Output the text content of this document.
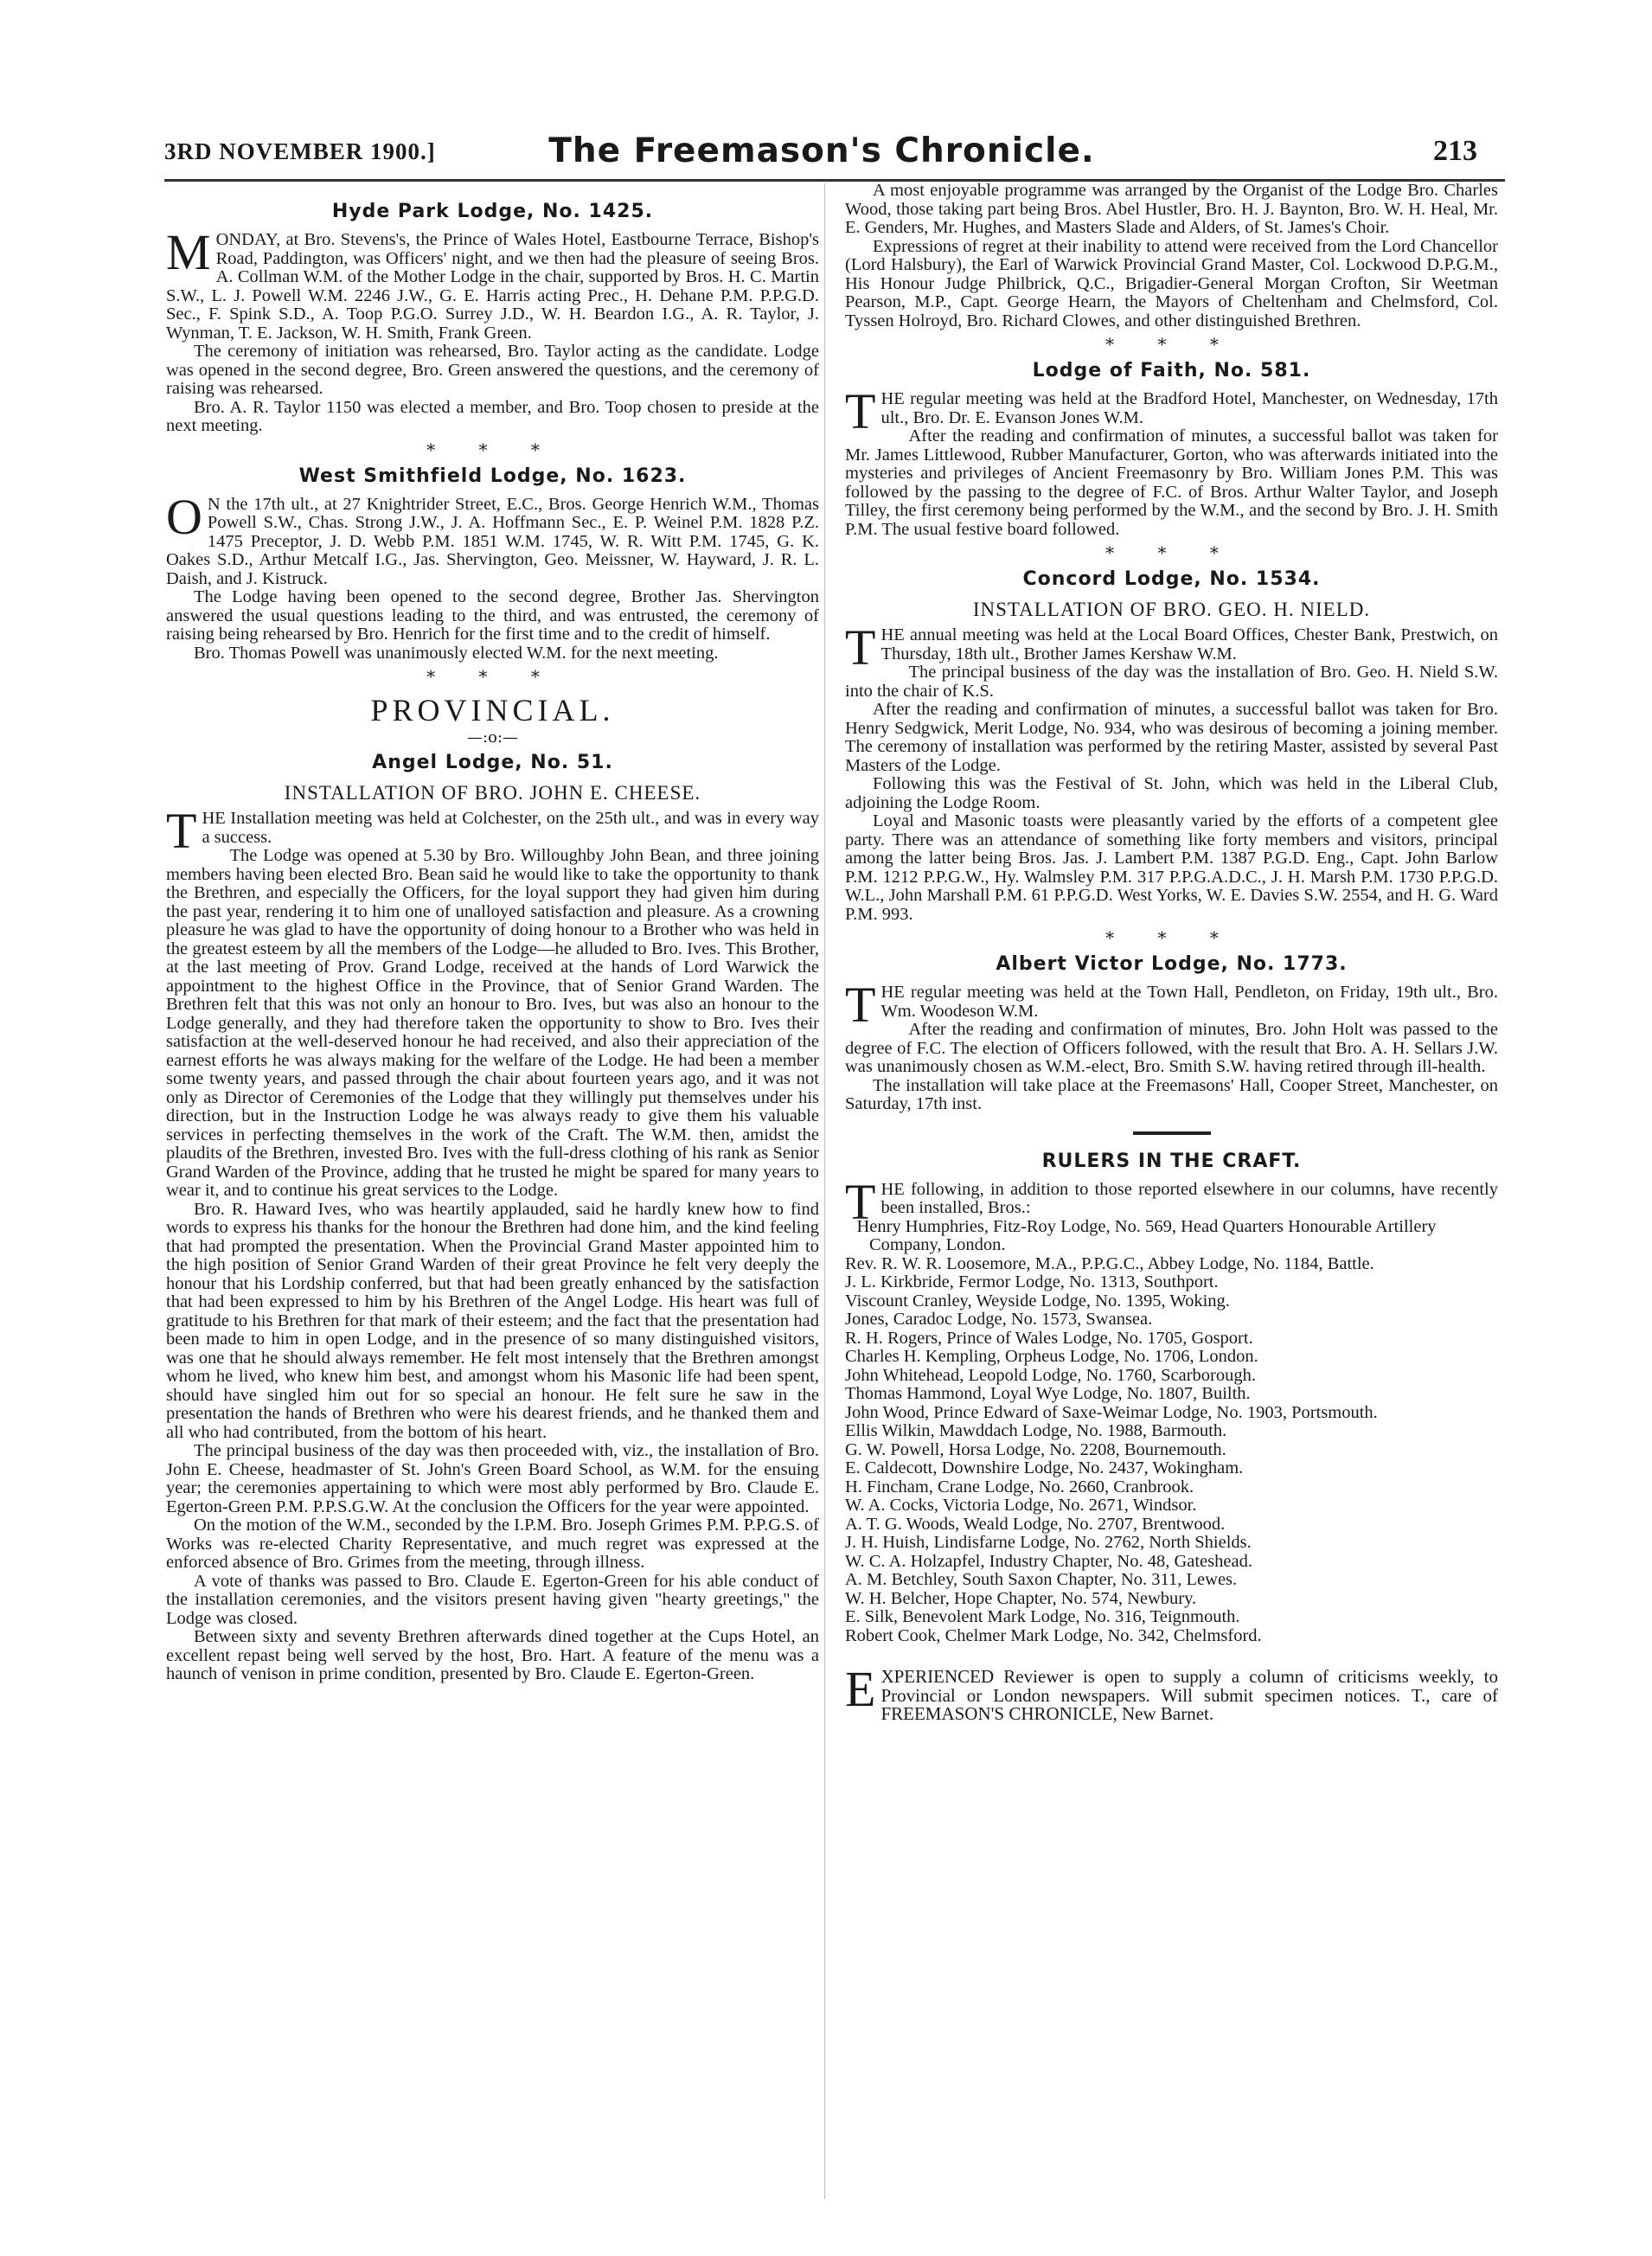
3RD NOVEMBER 1900.]	The Freemason's Chronicle.	213
Hyde Park Lodge, No. 1425.

MONDAY, at Bro. Stevens's, the Prince of Wales Hotel, Eastbourne Terrace, Bishop's Road, Paddington, was Officers' night, and we then had the pleasure of seeing Bros. A. Collman W.M. of the Mother Lodge in the chair, supported by Bros. H. C. Martin S.W., L. J. Powell W.M. 2246 J.W., G. E. Harris acting Prec., H. Dehane P.M. P.P.G.D. Sec., F. Spink S.D., A. Toop P.G.O. Surrey J.D., W. H. Beardon I.G., A. R. Taylor, J. Wynman, T. E. Jackson, W. H. Smith, Frank Green.

The ceremony of initiation was rehearsed, Bro. Taylor acting as the candidate. Lodge was opened in the second degree, Bro. Green answered the questions, and the ceremony of raising was rehearsed.

Bro. A. R. Taylor 1150 was elected a member, and Bro. Toop chosen to preside at the next meeting.

* * *
West Smithfield Lodge, No. 1623.

O N the 17th ult., at 27 Knightrider Street, E.C., Bros. George Henrich W.M., Thomas Powell S.W., Chas. Strong J.W., J. A. Hoffmann Sec., E. P. Weinel P.M. 1828 P.Z. 1475 Preceptor, J. D. Webb P.M. 1851 W.M. 1745, W. R. Witt P.M. 1745, G. K. Oakes S.D., Arthur Metcalf I.G., Jas. Shervington, Geo. Meissner, W. Hayward, J. R. L. Daish, and J. Kistruck.

The Lodge having been opened to the second degree, Brother Jas. Shervington answered the usual questions leading to the third, and was entrusted, the ceremony of raising being rehearsed by Bro. Henrich for the first time and to the credit of himself.

Bro. Thomas Powell was unanimously elected W.M. for the next meeting.

* * *
PROVINCIAL.
—:o:—
Angel Lodge, No. 51.
INSTALLATION OF BRO. JOHN E. CHEESE.

THE Installation meeting was held at Colchester, on the 25th ult., and was in every way a success.

The Lodge was opened at 5.30 by Bro. Willoughby John Bean, and three joining members having been elected Bro. Bean said he would like to take the opportunity to thank the Brethren, and especially the Officers, for the loyal support they had given him during the past year, rendering it to him one of unalloyed satisfaction and pleasure. As a crowning pleasure he was glad to have the opportunity of doing honour to a Brother who was held in the greatest esteem by all the members of the Lodge—he alluded to Bro. Ives. This Brother, at the last meeting of Prov. Grand Lodge, received at the hands of Lord Warwick the appointment to the highest Office in the Province, that of Senior Grand Warden. The Brethren felt that this was not only an honour to Bro. Ives, but was also an honour to the Lodge generally, and they had therefore taken the opportunity to show to Bro. Ives their satisfaction at the well-deserved honour he had received, and also their appreciation of the earnest efforts he was always making for the welfare of the Lodge. He had been a member some twenty years, and passed through the chair about fourteen years ago, and it was not only as Director of Ceremonies of the Lodge that they willingly put themselves under his direction, but in the Instruction Lodge he was always ready to give them his valuable services in perfecting themselves in the work of the Craft. The W.M. then, amidst the plaudits of the Brethren, invested Bro. Ives with the full-dress clothing of his rank as Senior Grand Warden of the Province, adding that he trusted he might be spared for many years to wear it, and to continue his great services to the Lodge.

Bro. R. Haward Ives, who was heartily applauded, said he hardly knew how to find words to express his thanks for the honour the Brethren had done him, and the kind feeling that had prompted the presentation. When the Provincial Grand Master appointed him to the high position of Senior Grand Warden of their great Province he felt very deeply the honour that his Lordship conferred, but that had been greatly enhanced by the satisfaction that had been expressed to him by his Brethren of the Angel Lodge. His heart was full of gratitude to his Brethren for that mark of their esteem; and the fact that the presentation had been made to him in open Lodge, and in the presence of so many distinguished visitors, was one that he should always remember. He felt most intensely that the Brethren amongst whom he lived, who knew him best, and amongst whom his Masonic life had been spent, should have singled him out for so special an honour. He felt sure he saw in the presentation the hands of Brethren who were his dearest friends, and he thanked them and all who had contributed, from the bottom of his heart.

The principal business of the day was then proceeded with, viz., the installation of Bro. John E. Cheese, headmaster of St. John's Green Board School, as W.M. for the ensuing year; the ceremonies appertaining to which were most ably performed by Bro. Claude E. Egerton-Green P.M. P.P.S.G.W. At the conclusion the Officers for the year were appointed.

On the motion of the W.M., seconded by the I.P.M. Bro. Joseph Grimes P.M. P.P.G.S. of Works was re-elected Charity Representative, and much regret was expressed at the enforced absence of Bro. Grimes from the meeting, through illness.

A vote of thanks was passed to Bro. Claude E. Egerton-Green for his able conduct of the installation ceremonies, and the visitors present having given "hearty greetings," the Lodge was closed.

Between sixty and seventy Brethren afterwards dined together at the Cups Hotel, an excellent repast being well served by the host, Bro. Hart. A feature of the menu was a haunch of venison in prime condition, presented by Bro. Claude E. Egerton-Green.

A most enjoyable programme was arranged by the Organist of the Lodge Bro. Charles Wood, those taking part being Bros. Abel Hustler, Bro. H. J. Baynton, Bro. W. H. Heal, Mr. E. Genders, Mr. Hughes, and Masters Slade and Alders, of St. James's Choir.

Expressions of regret at their inability to attend were received from the Lord Chancellor (Lord Halsbury), the Earl of Warwick Provincial Grand Master, Col. Lockwood D.P.G.M., His Honour Judge Philbrick, Q.C., Brigadier-General Morgan Crofton, Sir Weetman Pearson, M.P., Capt. George Hearn, the Mayors of Cheltenham and Chelmsford, Col. Tyssen Holroyd, Bro. Richard Clowes, and other distinguished Brethren.

* * *
Lodge of Faith, No. 581.

THE regular meeting was held at the Bradford Hotel, Manchester, on Wednesday, 17th ult., Bro. Dr. E. Evanson Jones W.M.

After the reading and confirmation of minutes, a successful ballot was taken for Mr. James Littlewood, Rubber Manufacturer, Gorton, who was afterwards initiated into the mysteries and privileges of Ancient Freemasonry by Bro. William Jones P.M. This was followed by the passing to the degree of F.C. of Bros. Arthur Walter Taylor, and Joseph Tilley, the first ceremony being performed by the W.M., and the second by Bro. J. H. Smith P.M. The usual festive board followed.

* * *
Concord Lodge, No. 1534.
INSTALLATION OF BRO. GEO. H. NIELD.

THE annual meeting was held at the Local Board Offices, Chester Bank, Prestwich, on Thursday, 18th ult., Brother James Kershaw W.M.

The principal business of the day was the installation of Bro. Geo. H. Nield S.W. into the chair of K.S.

After the reading and confirmation of minutes, a successful ballot was taken for Bro. Henry Sedgwick, Merit Lodge, No. 934, who was desirous of becoming a joining member. The ceremony of installation was performed by the retiring Master, assisted by several Past Masters of the Lodge.

Following this was the Festival of St. John, which was held in the Liberal Club, adjoining the Lodge Room.

Loyal and Masonic toasts were pleasantly varied by the efforts of a competent glee party. There was an attendance of something like forty members and visitors, principal among the latter being Bros. Jas. J. Lambert P.M. 1387 P.G.D. Eng., Capt. John Barlow P.M. 1212 P.P.G.W., Hy. Walmsley P.M. 317 P.P.G.A.D.C., J. H. Marsh P.M. 1730 P.P.G.D. W.L., John Marshall P.M. 61 P.P.G.D. West Yorks, W. E. Davies S.W. 2554, and H. G. Ward P.M. 993.

* * *
Albert Victor Lodge, No. 1773.

THE regular meeting was held at the Town Hall, Pendleton, on Friday, 19th ult., Bro. Wm. Woodeson W.M.

After the reading and confirmation of minutes, Bro. John Holt was passed to the degree of F.C. The election of Officers followed, with the result that Bro. A. H. Sellars J.W. was unanimously chosen as W.M.-elect, Bro. Smith S.W. having retired through ill-health.

The installation will take place at the Freemasons' Hall, Cooper Street, Manchester, on Saturday, 17th inst.

RULERS IN THE CRAFT.

THE following, in addition to those reported elsewhere in our columns, have recently been installed, Bros.:

Henry Humphries, Fitz-Roy Lodge, No. 569, Head Quarters Honourable Artillery Company, London.

Rev. R. W. R. Loosemore, M.A., P.P.G.C., Abbey Lodge, No. 1184, Battle.

J. L. Kirkbride, Fermor Lodge, No. 1313, Southport.

Viscount Cranley, Weyside Lodge, No. 1395, Woking.

Jones, Caradoc Lodge, No. 1573, Swansea.

R. H. Rogers, Prince of Wales Lodge, No. 1705, Gosport.

Charles H. Kempling, Orpheus Lodge, No. 1706, London.

John Whitehead, Leopold Lodge, No. 1760, Scarborough.

Thomas Hammond, Loyal Wye Lodge, No. 1807, Builth.

John Wood, Prince Edward of Saxe-Weimar Lodge, No. 1903, Portsmouth.

Ellis Wilkin, Mawddach Lodge, No. 1988, Barmouth.

G. W. Powell, Horsa Lodge, No. 2208, Bournemouth.

E. Caldecott, Downshire Lodge, No. 2437, Wokingham.

H. Fincham, Crane Lodge, No. 2660, Cranbrook.

W. A. Cocks, Victoria Lodge, No. 2671, Windsor.

A. T. G. Woods, Weald Lodge, No. 2707, Brentwood.

J. H. Huish, Lindisfarne Lodge, No. 2762, North Shields.

W. C. A. Holzapfel, Industry Chapter, No. 48, Gateshead.

A. M. Betchley, South Saxon Chapter, No. 311, Lewes.

W. H. Belcher, Hope Chapter, No. 574, Newbury.

E. Silk, Benevolent Mark Lodge, No. 316, Teignmouth.

Robert Cook, Chelmer Mark Lodge, No. 342, Chelmsford.

EXPERIENCED Reviewer is open to supply a column of criticisms weekly, to Provincial or London newspapers. Will submit specimen notices. T., care of FREEMASON'S CHRONICLE, New Barnet.
